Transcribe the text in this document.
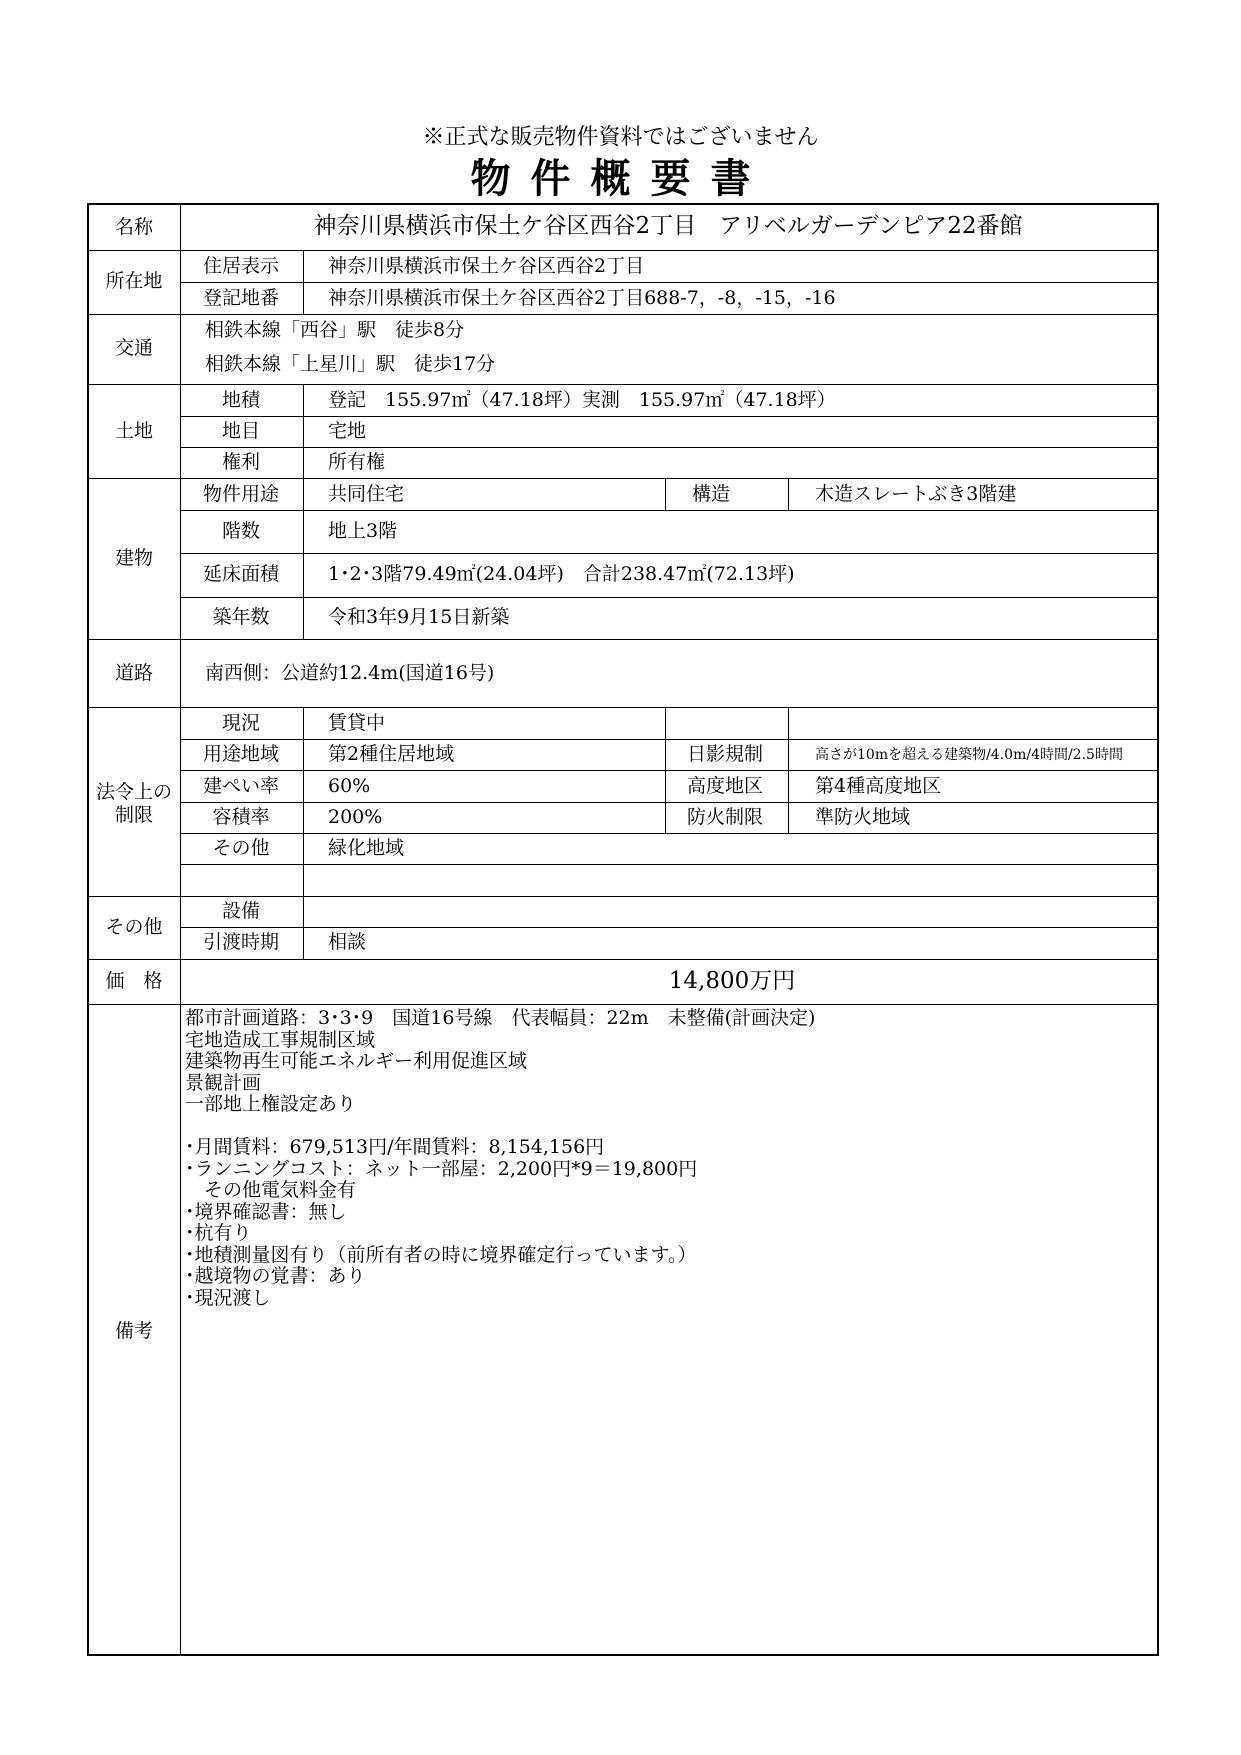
※正式な販売物件資料ではございません
物件概要書
名称	神奈川県横浜市保土ケ谷区西谷2丁目　アリベルガーデンピア22番館
所在地
住居表示	神奈川県横浜市保土ケ谷区西谷2丁目
登記地番	神奈川県横浜市保土ケ谷区西谷2丁目688-7，-8，-15，-16
交通
相鉄本線「西谷」駅　徒歩8分
相鉄本線「上星川」駅　徒歩17分
土地
地積	登記　155.97㎡（47.18坪）実測　155.97㎡（47.18坪）
地目	宅地
権利	所有権
建物
物件用途	共同住宅	構造	木造スレートぶき3階建
階数	地上3階
延床面積	1･2･3階79.49㎡(24.04坪)　合計238.47㎡(72.13坪)
築年数	令和3年9月15日新築
道路	南西側：公道約12.4m(国道16号)
法令上の
制限
現況	賃貸中
用途地域	第2種住居地域	日影規制	高さが10mを超える建築物/4.0m/4時間/2.5時間
建ぺい率	60%	高度地区	第4種高度地区
容積率	200%	防火制限	準防火地域
その他	緑化地域
その他
設備
引渡時期	相談
価　格	14,800万円
備考
都市計画道路：3･3･9　国道16号線　代表幅員：22m　未整備(計画決定)
宅地造成工事規制区域
建築物再生可能エネルギー利用促進区域
景観計画
一部地上権設定あり

･月間賃料：679,513円/年間賃料：8,154,156円
･ランニングコスト：ネット一部屋：2,200円*9＝19,800円
　その他電気料金有
･境界確認書：無し
･杭有り
･地積測量図有り（前所有者の時に境界確定行っています。）
･越境物の覚書：あり
･現況渡し
